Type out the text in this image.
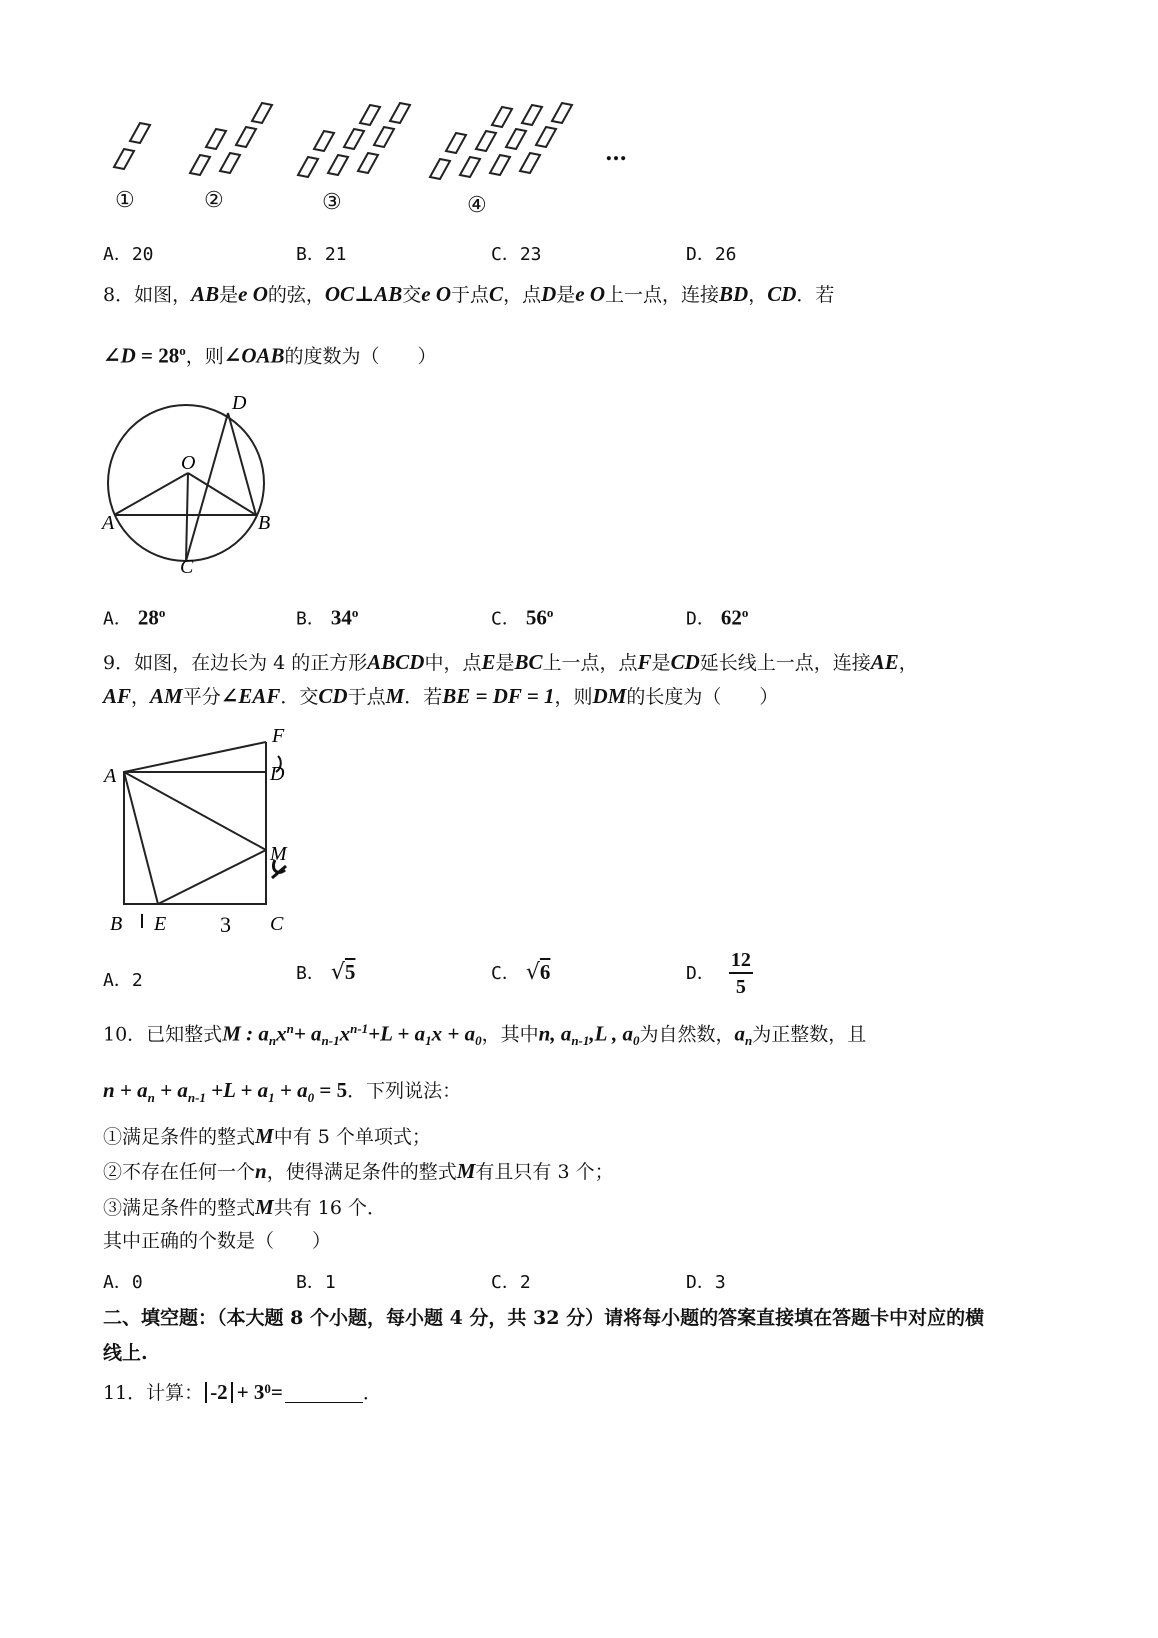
①	②	③	④
…
A．20	B．21	C．23	D．26
8．如图，AB是e O的弦，OC⊥AB交e O于点C，点D是e O上一点，连接BD，CD．若
∠D = $28^o$，则∠OAB的度数为（　　）
D
O
A	B
C
A． 28$^o$	B． 34$^o$	C． 56$^o$	D． 62$^o$
9．如图，在边长为 4 的正方形ABCD中，点E是BC上一点，点F是CD延长线上一点，连接AE，
AF，AM平分∠EAF．交CD于点M．若BE = DF = 1，则DM的长度为（　　）
F
A	D
M
B E 3 C
A．2	B． √5	C． √6	D． $\frac{12}{5}$
10．已知整式M : $a_nx^n+ a_{n-1}x^{n-1}+L + a_1x + a_0$，其中n, $a_{n-1},L$ , $a_0$为自然数，$a_n$为正整数，且
$n + a_n + a_{n-1} +L + a_1 + a_0 = 5$．下列说法：
①满足条件的整式M中有 5 个单项式；
②不存在任何一个n，使得满足条件的整式M有且只有 3 个；
③满足条件的整式M共有 16 个．
其中正确的个数是（　　）
A．0	B．1	C．2	D．3
二、填空题：（本大题 8 个小题，每小题 4 分，共 32 分）请将每小题的答案直接填在答题卡中对应的横
线上.
11．计算： $-2 + 3^0$ =	．
